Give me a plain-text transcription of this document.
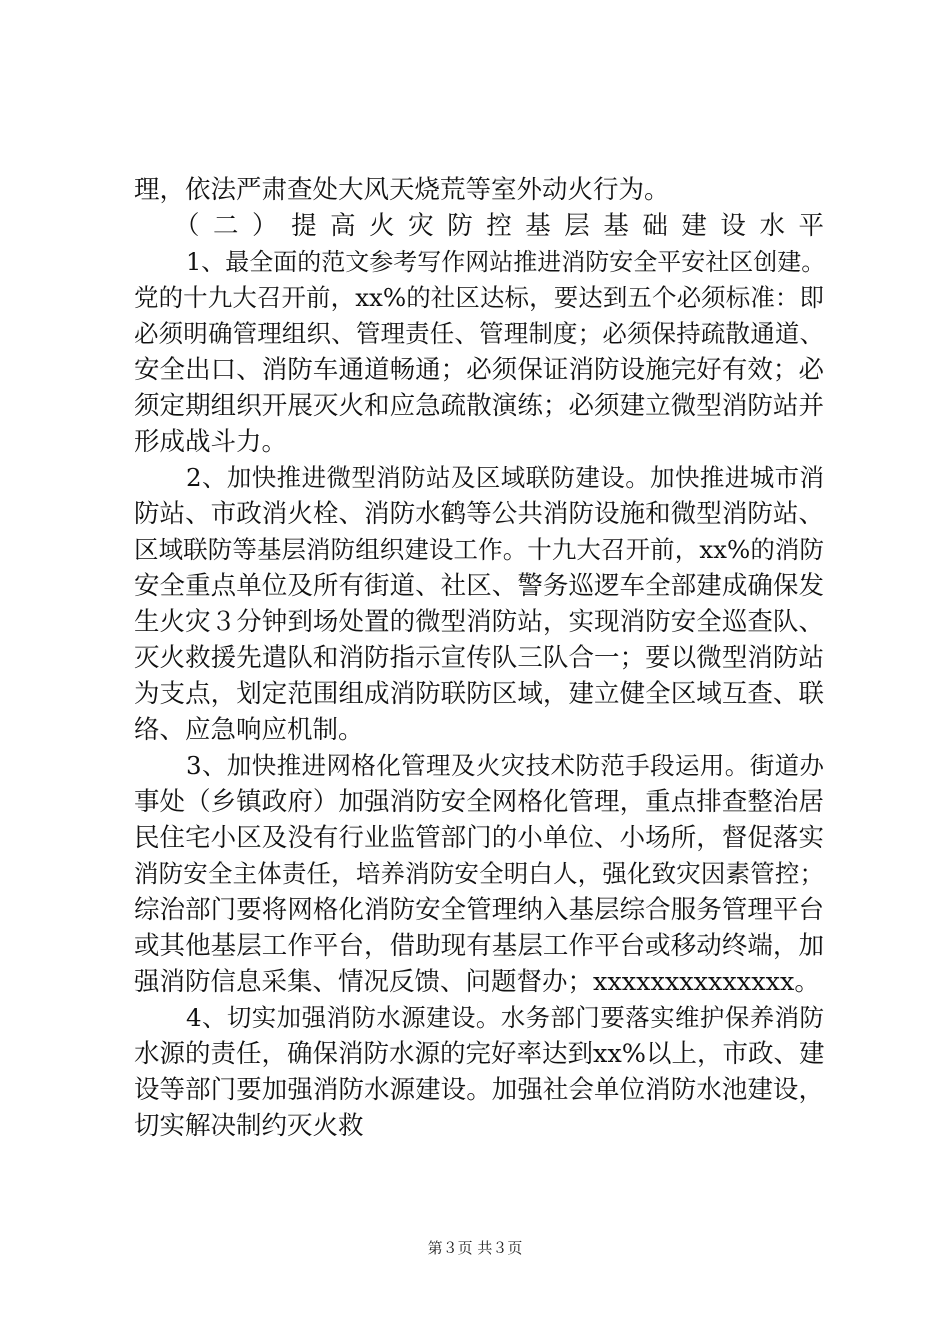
理，依法严肃查处大风天烧荒等室外动火行为。
（二）提高火灾防控基层基础建设水平
1、最全面的范文参考写作网站推进消防安全平安社区创建。
党的十九大召开前，xx%的社区达标，要达到五个必须标准：即
必须明确管理组织、管理责任、管理制度；必须保持疏散通道、
安全出口、消防车通道畅通；必须保证消防设施完好有效；必
须定期组织开展灭火和应急疏散演练；必须建立微型消防站并
形成战斗力。
2、加快推进微型消防站及区域联防建设。加快推进城市消
防站、市政消火栓、消防水鹤等公共消防设施和微型消防站、
区域联防等基层消防组织建设工作。十九大召开前，xx%的消防
安全重点单位及所有街道、社区、警务巡逻车全部建成确保发
生火灾３分钟到场处置的微型消防站，实现消防安全巡查队、
灭火救援先遣队和消防指示宣传队三队合一；要以微型消防站
为支点，划定范围组成消防联防区域，建立健全区域互查、联
络、应急响应机制。
3、加快推进网格化管理及火灾技术防范手段运用。街道办
事处（乡镇政府）加强消防安全网格化管理，重点排查整治居
民住宅小区及没有行业监管部门的小单位、小场所，督促落实
消防安全主体责任，培养消防安全明白人，强化致灾因素管控；
综治部门要将网格化消防安全管理纳入基层综合服务管理平台
或其他基层工作平台，借助现有基层工作平台或移动终端，加
强消防信息采集、情况反馈、问题督办；xxxxxxxxxxxxxx。
4、切实加强消防水源建设。水务部门要落实维护保养消防
水源的责任，确保消防水源的完好率达到xx%以上，市政、建
设等部门要加强消防水源建设。加强社会单位消防水池建设，
切实解决制约灭火救
第３页 共３页
